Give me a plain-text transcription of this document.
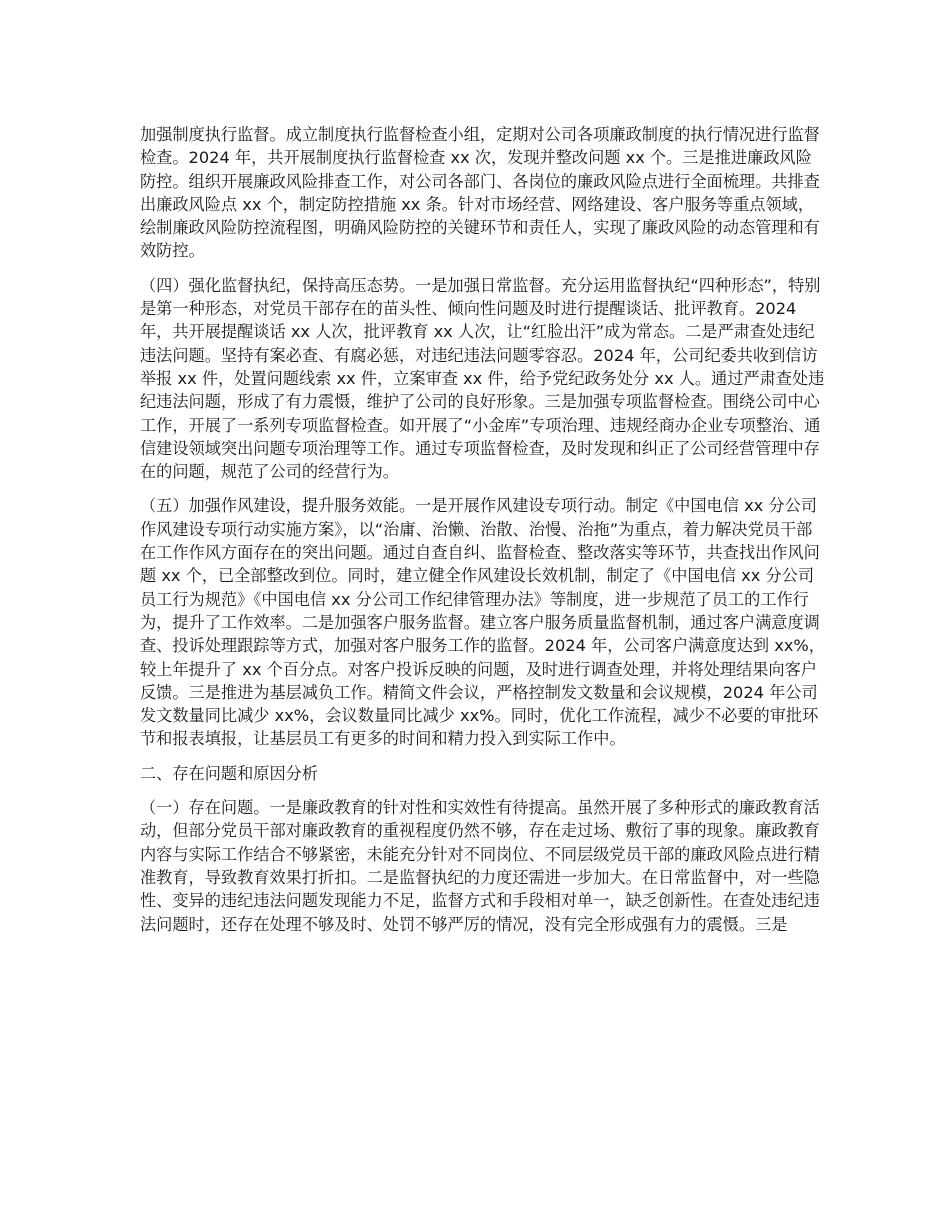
加强制度执行监督。成立制度执行监督检查小组，定期对公司各项廉政制度的执行情况进行监督检查。2024 年，共开展制度执行监督检查 xx 次，发现并整改问题 xx 个。三是推进廉政风险防控。组织开展廉政风险排查工作，对公司各部门、各岗位的廉政风险点进行全面梳理。共排查出廉政风险点 xx 个，制定防控措施 xx 条。针对市场经营、网络建设、客户服务等重点领域，绘制廉政风险防控流程图，明确风险防控的关键环节和责任人，实现了廉政风险的动态管理和有效防控。

（四）强化监督执纪，保持高压态势。一是加强日常监督。充分运用监督执纪“四种形态”，特别是第一种形态，对党员干部存在的苗头性、倾向性问题及时进行提醒谈话、批评教育。2024 年，共开展提醒谈话 xx 人次，批评教育 xx 人次，让“红脸出汗”成为常态。二是严肃查处违纪违法问题。坚持有案必查、有腐必惩，对违纪违法问题零容忍。2024 年，公司纪委共收到信访举报 xx 件，处置问题线索 xx 件，立案审查 xx 件，给予党纪政务处分 xx 人。通过严肃查处违纪违法问题，形成了有力震慑，维护了公司的良好形象。三是加强专项监督检查。围绕公司中心工作，开展了一系列专项监督检查。如开展了“小金库”专项治理、违规经商办企业专项整治、通信建设领域突出问题专项治理等工作。通过专项监督检查，及时发现和纠正了公司经营管理中存在的问题，规范了公司的经营行为。

（五）加强作风建设，提升服务效能。一是开展作风建设专项行动。制定《中国电信 xx 分公司作风建设专项行动实施方案》，以“治庸、治懒、治散、治慢、治拖”为重点，着力解决党员干部在工作作风方面存在的突出问题。通过自查自纠、监督检查、整改落实等环节，共查找出作风问题 xx 个，已全部整改到位。同时，建立健全作风建设长效机制，制定了《中国电信 xx 分公司员工行为规范》《中国电信 xx 分公司工作纪律管理办法》等制度，进一步规范了员工的工作行为，提升了工作效率。二是加强客户服务监督。建立客户服务质量监督机制，通过客户满意度调查、投诉处理跟踪等方式，加强对客户服务工作的监督。2024 年，公司客户满意度达到 xx%，较上年提升了 xx 个百分点。对客户投诉反映的问题，及时进行调查处理，并将处理结果向客户反馈。三是推进为基层减负工作。精简文件会议，严格控制发文数量和会议规模，2024 年公司发文数量同比减少 xx%，会议数量同比减少 xx%。同时，优化工作流程，减少不必要的审批环节和报表填报，让基层员工有更多的时间和精力投入到实际工作中。

二、存在问题和原因分析

（一）存在问题。一是廉政教育的针对性和实效性有待提高。虽然开展了多种形式的廉政教育活动，但部分党员干部对廉政教育的重视程度仍然不够，存在走过场、敷衍了事的现象。廉政教育内容与实际工作结合不够紧密，未能充分针对不同岗位、不同层级党员干部的廉政风险点进行精准教育，导致教育效果打折扣。二是监督执纪的力度还需进一步加大。在日常监督中，对一些隐性、变异的违纪违法问题发现能力不足，监督方式和手段相对单一，缺乏创新性。在查处违纪违法问题时，还存在处理不够及时、处罚不够严厉的情况，没有完全形成强有力的震慑。三是
